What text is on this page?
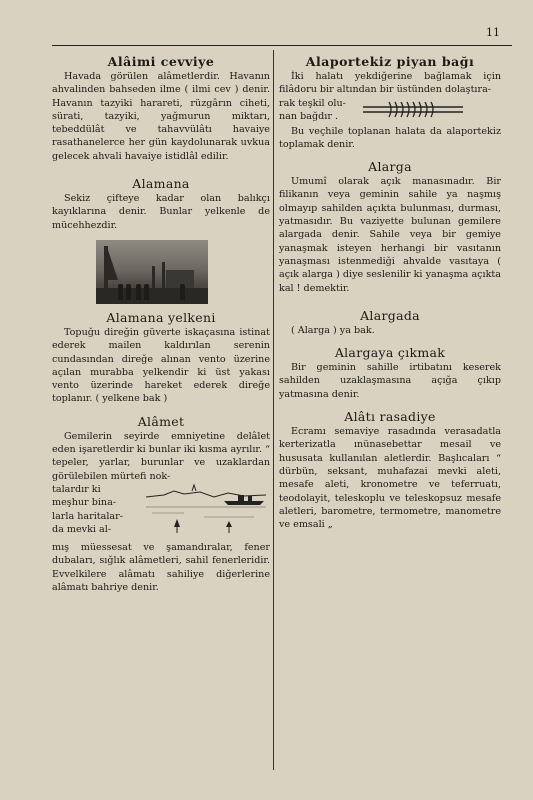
11
Alâimi cevviye
Havada görülen alâmetlerdir. Havanın ahvalinden bahseden ilme ( ilmi cev ) denir. Havanın tazyiki harareti, rüzgârın ciheti, sürati, tazyiki, yağmurun miktarı, tebeddülât ve tahavvülâtı havaiye rasathanelerce her gün kaydolunarak uvkua gelecek ahvali havaiye istidlâl edilir.
Alamana
Sekiz çifteye kadar olan balıkçı kayıklarına denir. Bunlar yelkenle de mücehhezdir.
Alamana yelkeni
Topuğu direğin güverte iskaçasına istinat ederek mailen kaldırılan serenin cundasından direğe alınan vento üzerine açılan murabba yelkendir ki üst yakası vento üzerinde hareket ederek direğe toplanır. ( yelkene bak )
Alâmet
Gemilerin seyirde emniyetine delâlet eden işaretlerdir ki bunlar iki kısma ayrılır. “ tepeler, yarlar, burunlar ve uzaklardan görülebilen mürtefi nok-
talardır ki
meşhur bina-
larla haritalar-
da mevki al-
mış müessesat ve şamandıralar, fener dubaları, sığlık alâmetleri, sahil fenerleridir. Evvelkilere alâmatı sahiliye diğerlerine alâmatı bahriye denir.
Alaportekiz piyan bağı
İki halatı yekdiğerine bağlamak için filâdoru bir altından bir üstünden dolaştıra-
rak teşkil olu-
nan bağdır .
Bu veçhile toplanan halata da alaportekiz toplamak denir.
Alarga
Umumî olarak açık manasınadır. Bir filikanın veya geminin sahile ya naşmış olmayıp sahilden açıkta bulunması, durması, yatmasıdır. Bu vaziyette bulunan gemilere alargada denir. Sahile veya bir gemiye yanaşmak isteyen herhangi bir vasıtanın yanaşması istenmediği ahvalde vasıtaya ( açık alarga ) diye seslenilir ki yanaşma açıkta kal ! demektir.
Alargada
( Alarga ) ya bak.
Alargaya çıkmak
Bir geminin sahille irtibatını keserek sahilden uzaklaşmasına açığa çıkıp yatmasına denir.
Alâtı rasadiye
Ecramı semaviye rasadında verasadatla kerterizatla ınünasebettar mesail ve hususata kullanılan aletlerdir. Başlıcaları “ dürbün, seksant, muhafazai mevki aleti, mesafe aleti, kronometre ve teferruatı, teodolayit, teleskoplu ve teleskopsuz mesafe aletleri, barometre, termometre, manometre ve emsali „
